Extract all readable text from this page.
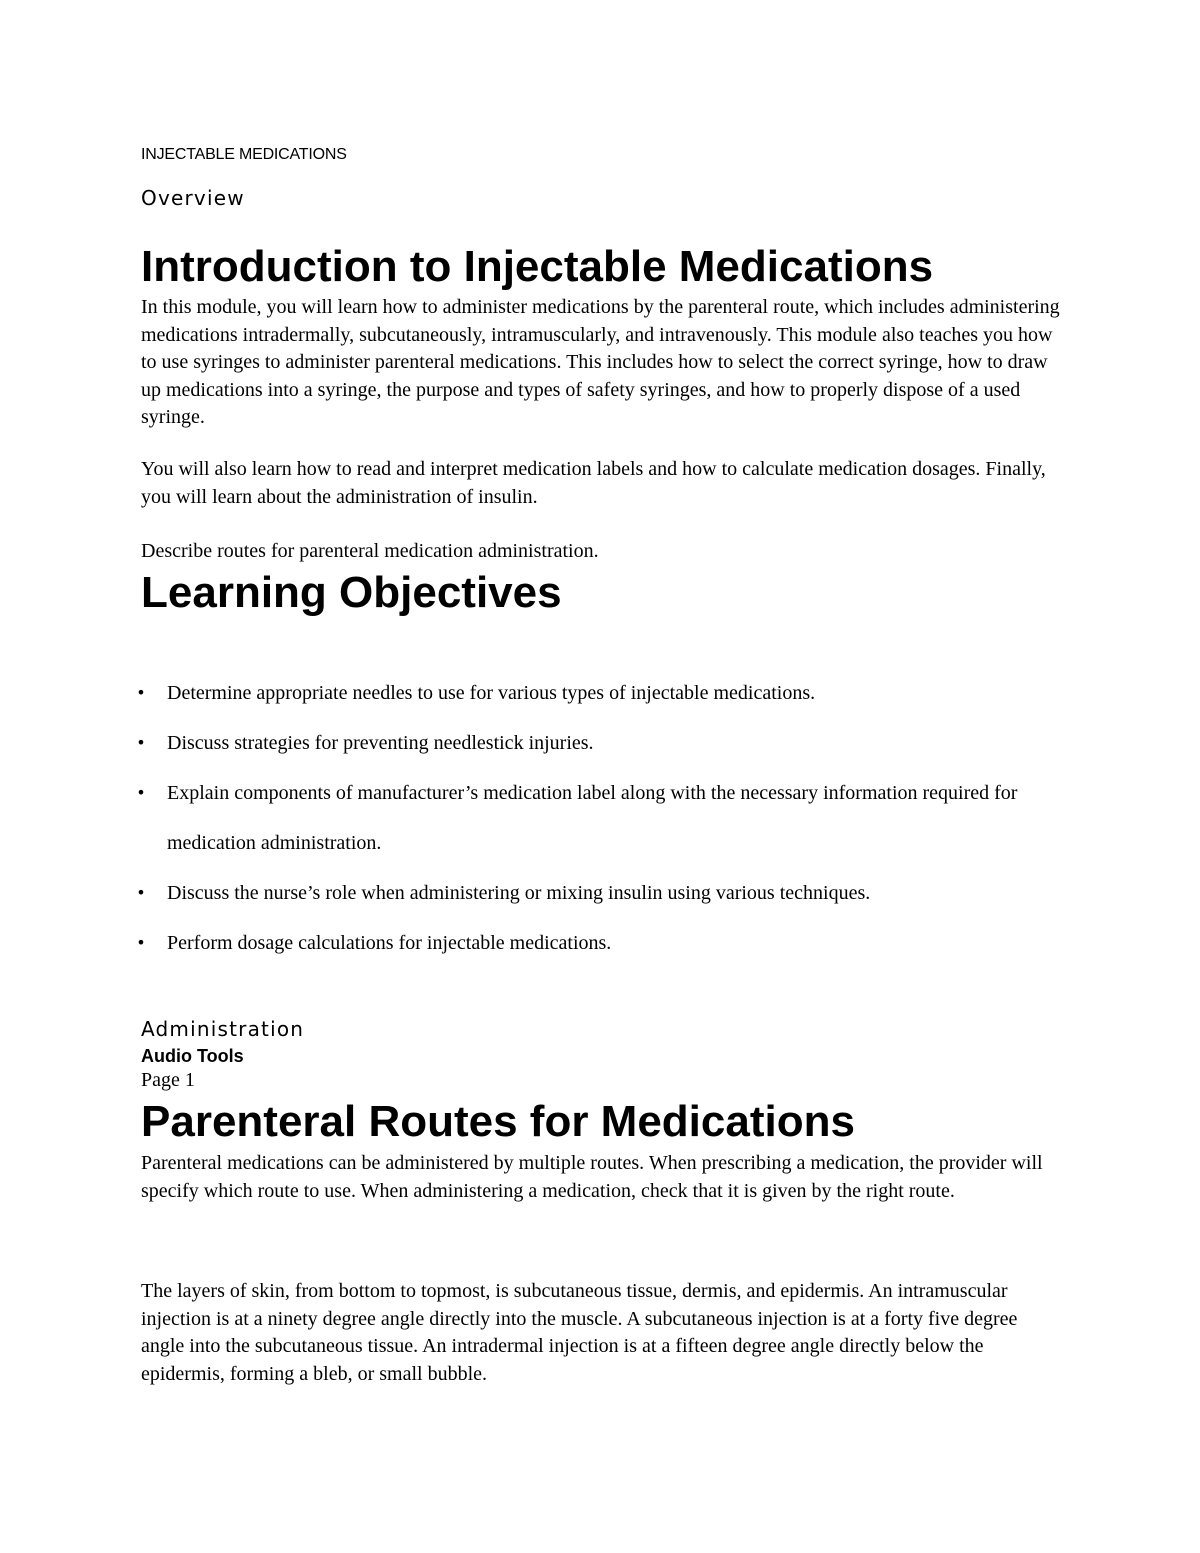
INJECTABLE MEDICATIONS
Overview
Introduction to Injectable Medications

In this module, you will learn how to administer medications by the parenteral route, which includes administering medications intradermally, subcutaneously, intramuscularly, and intravenously. This module also teaches you how to use syringes to administer parenteral medications. This includes how to select the correct syringe, how to draw up medications into a syringe, the purpose and types of safety syringes, and how to properly dispose of a used syringe.

You will also learn how to read and interpret medication labels and how to calculate medication dosages. Finally, you will learn about the administration of insulin.

Describe routes for parenteral medication administration.

Learning Objectives
• Determine appropriate needles to use for various types of injectable medications.
• Discuss strategies for preventing needlestick injuries.
• Explain components of manufacturer’s medication label along with the necessary information required for medication administration.
• Discuss the nurse’s role when administering or mixing insulin using various techniques.
• Perform dosage calculations for injectable medications.
Administration
Audio Tools
Page 1
Parenteral Routes for Medications

Parenteral medications can be administered by multiple routes. When prescribing a medication, the provider will specify which route to use. When administering a medication, check that it is given by the right route.

The layers of skin, from bottom to topmost, is subcutaneous tissue, dermis, and epidermis. An intramuscular injection is at a ninety degree angle directly into the muscle. A subcutaneous injection is at a forty five degree angle into the subcutaneous tissue. An intradermal injection is at a fifteen degree angle directly below the epidermis, forming a bleb, or small bubble.
